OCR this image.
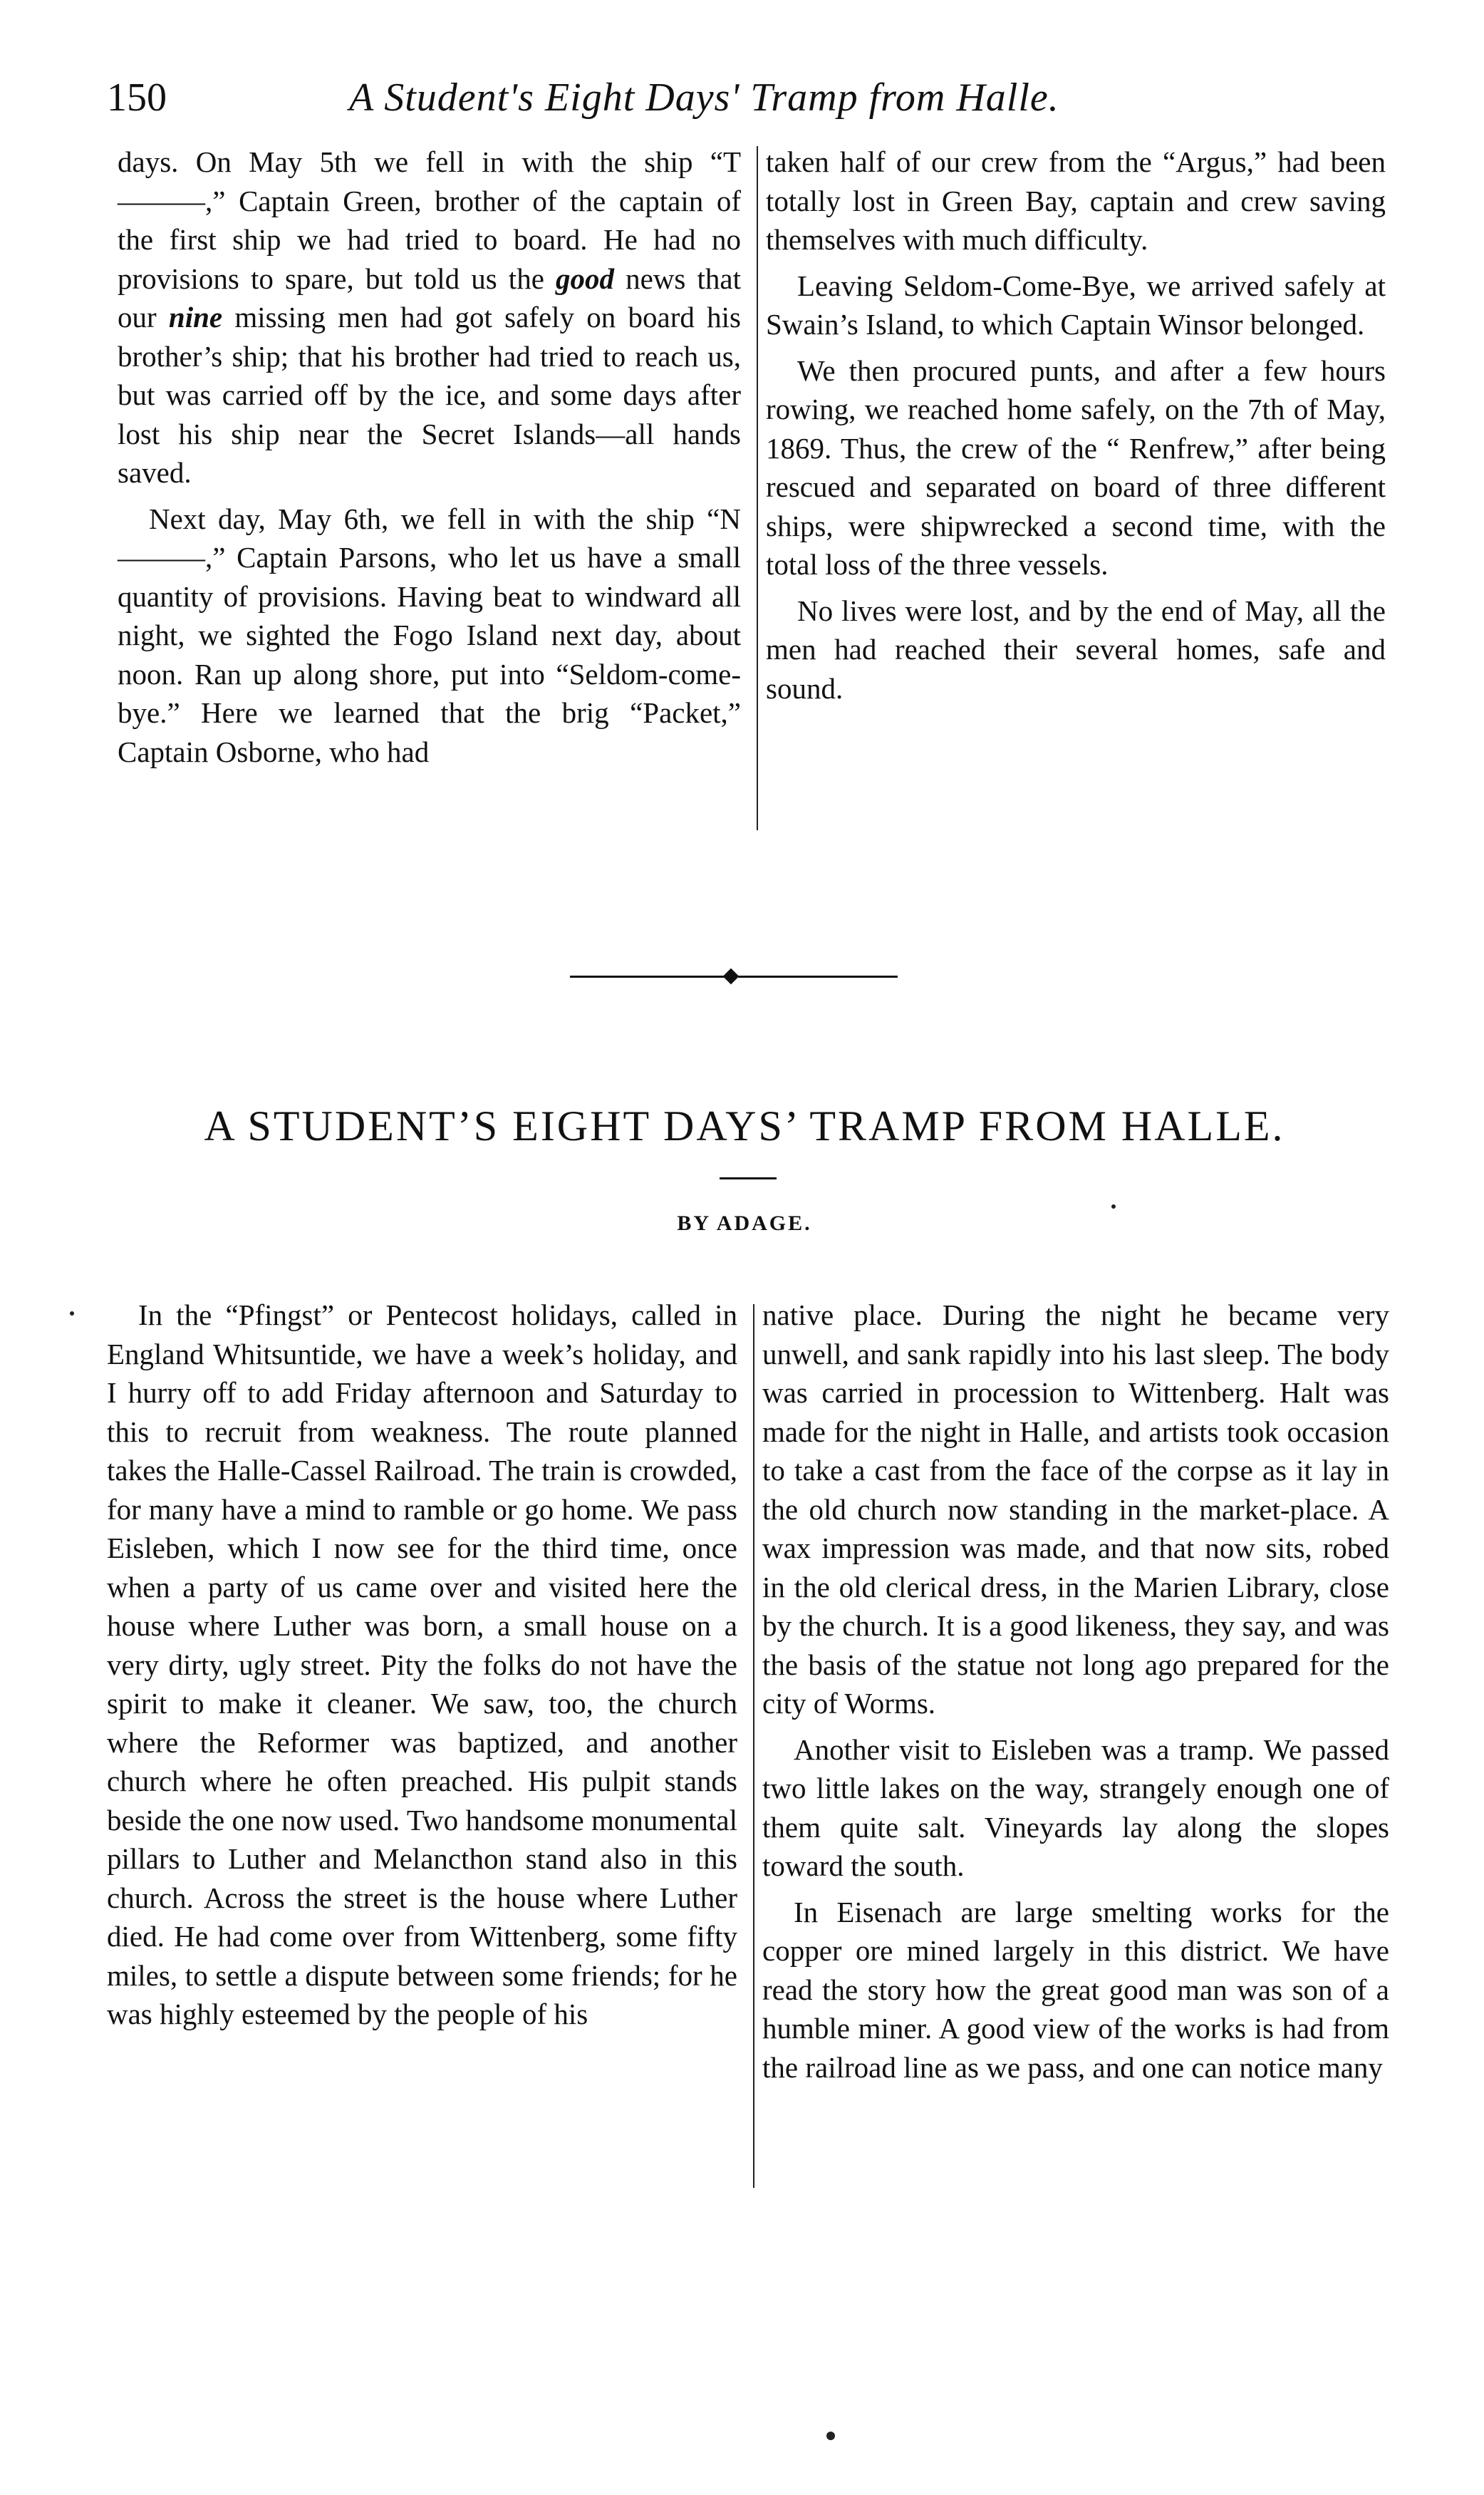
150	A Student's Eight Days' Tramp from Halle.

days. On May 5th we fell in with the ship “T———,” Captain Green, brother of the captain of the first ship we had tried to board. He had no provisions to spare, but told us the good news that our nine missing men had got safely on board his brother’s ship; that his brother had tried to reach us, but was carried off by the ice, and some days after lost his ship near the Secret Islands—all hands saved.

Next day, May 6th, we fell in with the ship “N———,” Captain Parsons, who let us have a small quantity of provisions. Having beat to windward all night, we sighted the Fogo Island next day, about noon. Ran up along shore, put into “Seldom-come-bye.” Here we learned that the brig “Packet,” Captain Osborne, who had

taken half of our crew from the “Argus,” had been totally lost in Green Bay, captain and crew saving themselves with much difficulty.

Leaving Seldom-Come-Bye, we arrived safely at Swain’s Island, to which Captain Winsor belonged.

We then procured punts, and after a few hours rowing, we reached home safely, on the 7th of May, 1869. Thus, the crew of the “ Renfrew,” after being rescued and separated on board of three different ships, were shipwrecked a second time, with the total loss of the three vessels.

No lives were lost, and by the end of May, all the men had reached their several homes, safe and sound.

A STUDENT’S EIGHT DAYS’ TRAMP FROM HALLE.
BY ADAGE.

In the “Pfingst” or Pentecost holidays, called in England Whitsuntide, we have a week’s holiday, and I hurry off to add Friday afternoon and Saturday to this to recruit from weakness. The route planned takes the Halle-Cassel Railroad. The train is crowded, for many have a mind to ramble or go home. We pass Eisleben, which I now see for the third time, once when a party of us came over and visited here the house where Luther was born, a small house on a very dirty, ugly street. Pity the folks do not have the spirit to make it cleaner. We saw, too, the church where the Reformer was baptized, and another church where he often preached. His pulpit stands beside the one now used. Two handsome monumental pillars to Luther and Melancthon stand also in this church. Across the street is the house where Luther died. He had come over from Wittenberg, some fifty miles, to settle a dispute between some friends; for he was highly esteemed by the people of his

native place. During the night he became very unwell, and sank rapidly into his last sleep. The body was carried in procession to Wittenberg. Halt was made for the night in Halle, and artists took occasion to take a cast from the face of the corpse as it lay in the old church now standing in the market-place. A wax impression was made, and that now sits, robed in the old clerical dress, in the Marien Library, close by the church. It is a good likeness, they say, and was the basis of the statue not long ago prepared for the city of Worms.

Another visit to Eisleben was a tramp. We passed two little lakes on the way, strangely enough one of them quite salt. Vineyards lay along the slopes toward the south.

In Eisenach are large smelting works for the copper ore mined largely in this district. We have read the story how the great good man was son of a humble miner. A good view of the works is had from the railroad line as we pass, and one can notice many
